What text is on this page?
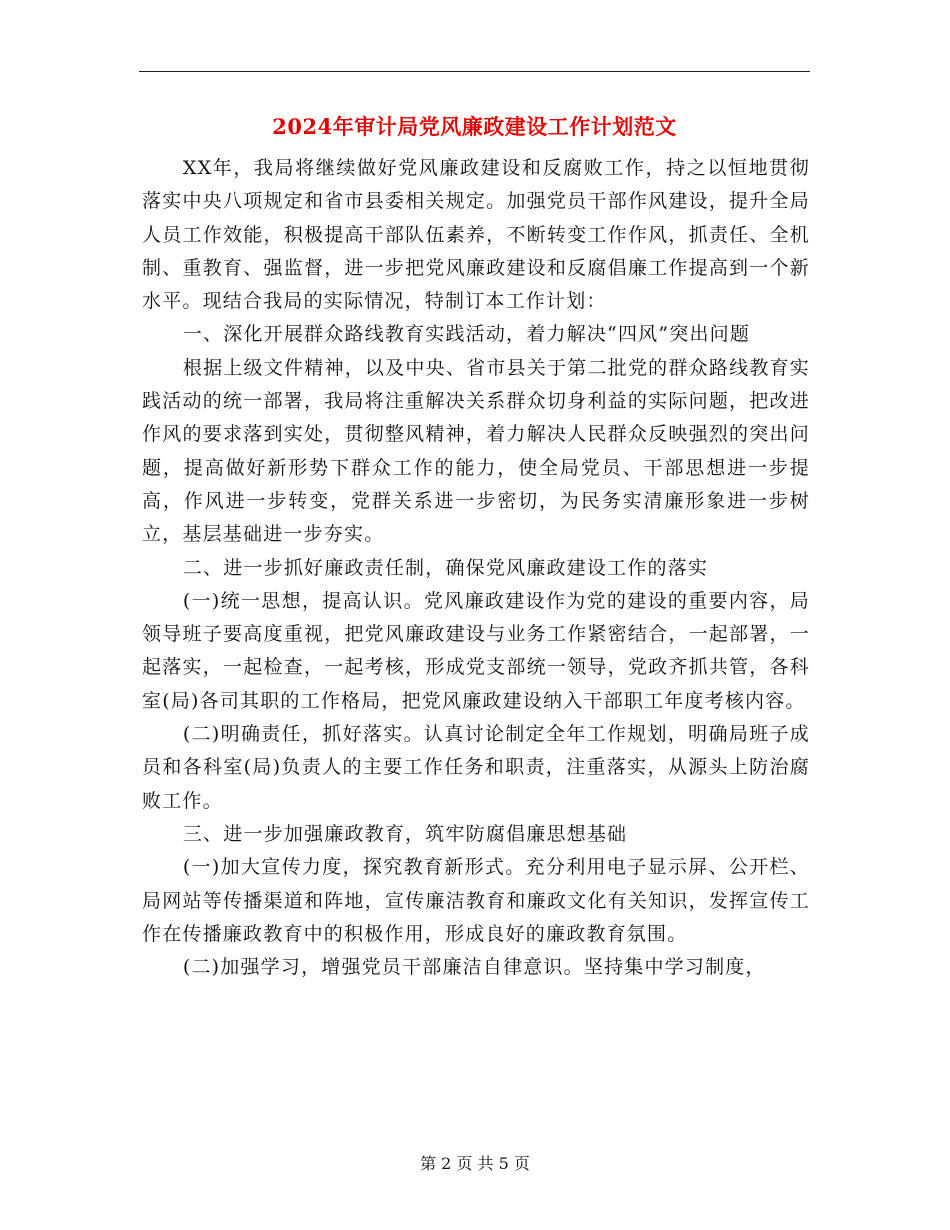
2024年审计局党风廉政建设工作计划范文

XX年，我局将继续做好党风廉政建设和反腐败工作，持之以恒地贯彻落实中央八项规定和省市县委相关规定。加强党员干部作风建设，提升全局人员工作效能，积极提高干部队伍素养，不断转变工作作风，抓责任、全机制、重教育、强监督，进一步把党风廉政建设和反腐倡廉工作提高到一个新水平。现结合我局的实际情况，特制订本工作计划：

一、深化开展群众路线教育实践活动，着力解决“四风”突出问题

根据上级文件精神，以及中央、省市县关于第二批党的群众路线教育实践活动的统一部署，我局将注重解决关系群众切身利益的实际问题，把改进作风的要求落到实处，贯彻整风精神，着力解决人民群众反映强烈的突出问题，提高做好新形势下群众工作的能力，使全局党员、干部思想进一步提高，作风进一步转变，党群关系进一步密切，为民务实清廉形象进一步树立，基层基础进一步夯实。

二、进一步抓好廉政责任制，确保党风廉政建设工作的落实

(一)统一思想，提高认识。党风廉政建设作为党的建设的重要内容，局领导班子要高度重视，把党风廉政建设与业务工作紧密结合，一起部署，一起落实，一起检查，一起考核，形成党支部统一领导，党政齐抓共管，各科室(局)各司其职的工作格局，把党风廉政建设纳入干部职工年度考核内容。

(二)明确责任，抓好落实。认真讨论制定全年工作规划，明确局班子成员和各科室(局)负责人的主要工作任务和职责，注重落实，从源头上防治腐败工作。

三、进一步加强廉政教育，筑牢防腐倡廉思想基础

(一)加大宣传力度，探究教育新形式。充分利用电子显示屏、公开栏、局网站等传播渠道和阵地，宣传廉洁教育和廉政文化有关知识，发挥宣传工作在传播廉政教育中的积极作用，形成良好的廉政教育氛围。

(二)加强学习，增强党员干部廉洁自律意识。坚持集中学习制度，

第 2 页 共 5 页
